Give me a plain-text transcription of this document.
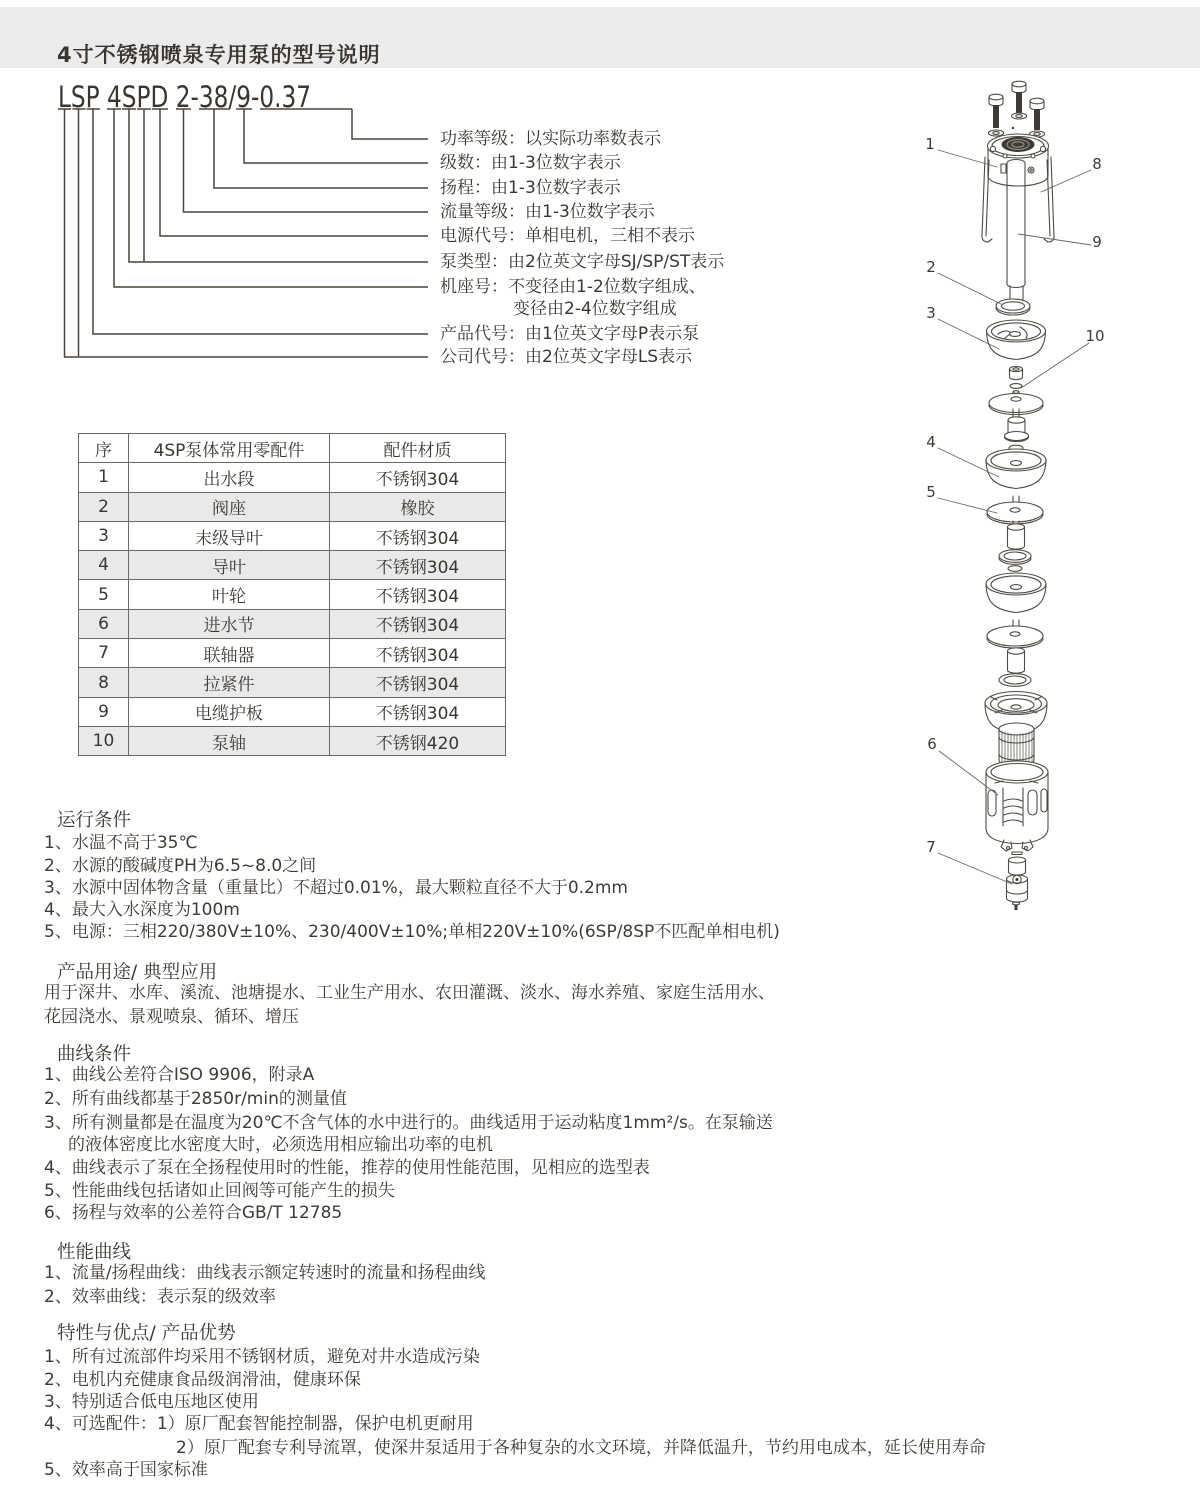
4寸不锈钢喷泉专用泵的型号说明
LSP 4SPD 2-38/9-0.37
功率等级：以实际功率数表示
级数：由1-3位数字表示
扬程：由1-3位数字表示
流量等级：由1-3位数字表示
电源代号：单相电机，三相不表示
泵类型：由2位英文字母SJ/SP/ST表示
机座号：不变径由1-2位数字组成、
变径由2-4位数字组成
产品代号：由1位英文字母P表示泵
公司代号：由2位英文字母LS表示
序	4SP泵体常用零配件	配件材质
1	出水段	不锈钢304
2	阀座	橡胶
3	末级导叶	不锈钢304
4	导叶	不锈钢304
5	叶轮	不锈钢304
6	进水节	不锈钢304
7	联轴器	不锈钢304
8	拉紧件	不锈钢304
9	电缆护板	不锈钢304
10	泵轴	不锈钢420
1
8
9
2
3
10
4
5
6
7
运行条件
1、水温不高于35℃
2、水源的酸碱度PH为6.5~8.0之间
3、水源中固体物含量（重量比）不超过0.01%，最大颗粒直径不大于0.2mm
4、最大入水深度为100m
5、电源：三相220/380V±10%、230/400V±10%;单相220V±10%(6SP/8SP不匹配单相电机)
产品用途/ 典型应用
用于深井、水库、溪流、池塘提水、工业生产用水、农田灌溉、淡水、海水养殖、家庭生活用水、
花园浇水、景观喷泉、循环、增压
曲线条件
1、曲线公差符合ISO 9906，附录A
2、所有曲线都基于2850r/min的测量值
3、所有测量都是在温度为20℃不含气体的水中进行的。曲线适用于运动粘度1mm²/s。在泵输送
的液体密度比水密度大时，必须选用相应输出功率的电机
4、曲线表示了泵在全扬程使用时的性能，推荐的使用性能范围，见相应的选型表
5、性能曲线包括诸如止回阀等可能产生的损失
6、扬程与效率的公差符合GB/T 12785
性能曲线
1、流量/扬程曲线：曲线表示额定转速时的流量和扬程曲线
2、效率曲线：表示泵的级效率
特性与优点/ 产品优势
1、所有过流部件均采用不锈钢材质，避免对井水造成污染
2、电机内充健康食品级润滑油，健康环保
3、特别适合低电压地区使用
4、可选配件：1）原厂配套智能控制器，保护电机更耐用
2）原厂配套专利导流罩，使深井泵适用于各种复杂的水文环境，并降低温升，节约用电成本，延长使用寿命
5、效率高于国家标准
